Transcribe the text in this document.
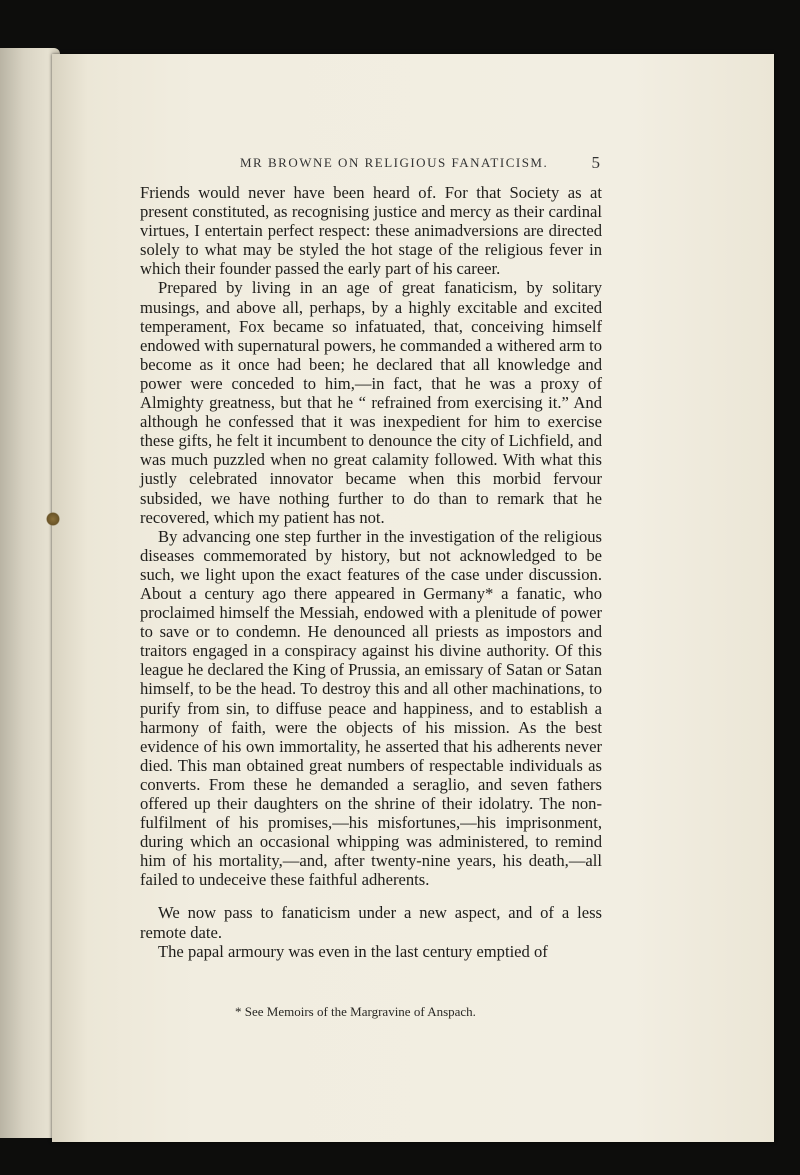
MR BROWNE ON RELIGIOUS FANATICISM.	5

Friends would never have been heard of. For that Society as at present constituted, as recognising justice and mercy as their cardinal virtues, I entertain perfect respect: these animadversions are directed solely to what may be styled the hot stage of the religious fever in which their founder passed the early part of his career.

Prepared by living in an age of great fanaticism, by solitary musings, and above all, perhaps, by a highly excitable and excited temperament, Fox became so infatuated, that, conceiving himself endowed with supernatural powers, he commanded a withered arm to become as it once had been; he declared that all knowledge and power were conceded to him,—in fact, that he was a proxy of Almighty greatness, but that he “ refrained from exercising it.” And although he confessed that it was inexpedient for him to exercise these gifts, he felt it incumbent to denounce the city of Lichfield, and was much puzzled when no great calamity followed. With what this justly celebrated innovator became when this morbid fervour subsided, we have nothing further to do than to remark that he recovered, which my patient has not.

By advancing one step further in the investigation of the religious diseases commemorated by history, but not acknowledged to be such, we light upon the exact features of the case under discussion. About a century ago there appeared in Germany* a fanatic, who proclaimed himself the Messiah, endowed with a plenitude of power to save or to condemn. He denounced all priests as impostors and traitors engaged in a conspiracy against his divine authority. Of this league he declared the King of Prussia, an emissary of Satan or Satan himself, to be the head. To destroy this and all other machinations, to purify from sin, to diffuse peace and happiness, and to establish a harmony of faith, were the objects of his mission. As the best evidence of his own immortality, he asserted that his adherents never died. This man obtained great numbers of respectable individuals as converts. From these he demanded a seraglio, and seven fathers offered up their daughters on the shrine of their idolatry. The non-fulfilment of his promises,—his misfortunes,—his imprisonment, during which an occasional whipping was administered, to remind him of his mortality,—and, after twenty-nine years, his death,—all failed to undeceive these faithful adherents.

We now pass to fanaticism under a new aspect, and of a less remote date.

The papal armoury was even in the last century emptied of

* See Memoirs of the Margravine of Anspach.
